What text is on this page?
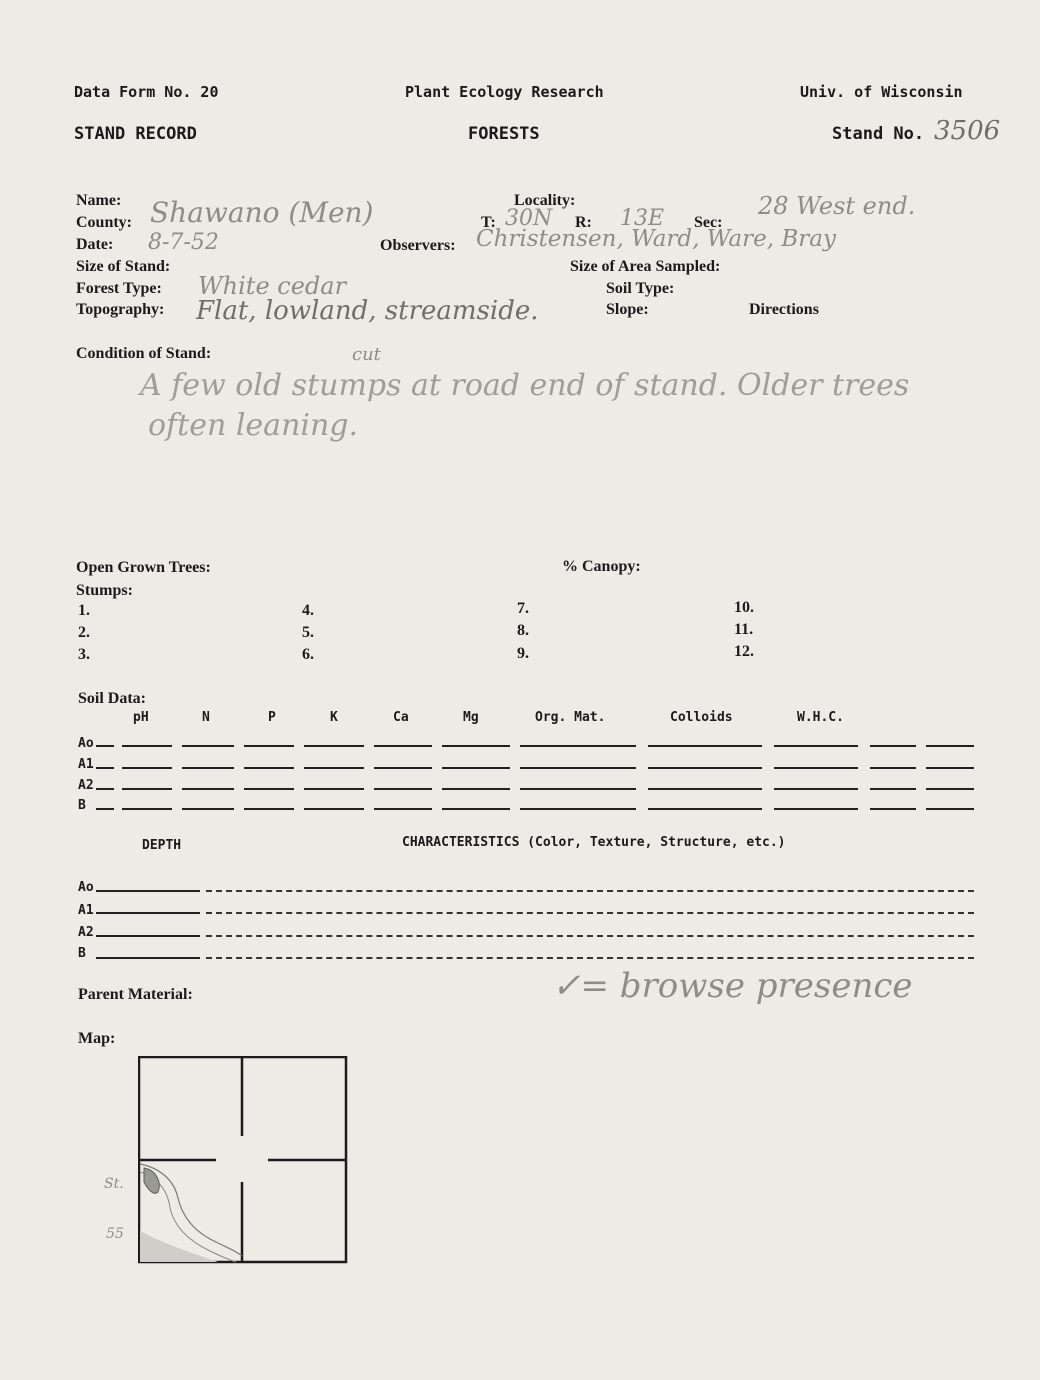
Data Form No. 20	Plant Ecology Research	Univ. of Wisconsin
STAND RECORD	FORESTS	Stand No. 3506
Name:	Locality:
County: Shawano (Men)	T: 30N R: 13E Sec:
28 West end.
Date: 8-7-52	Observers: Christensen, Ward, Ware, Bray
Size of Stand:	Size of Area Sampled:
Forest Type: White cedar	Soil Type:
Topography: Flat, lowland, streamside.	Slope:	Directions
Condition of Stand:	cut
A few old stumps at road end of stand. Older trees
often leaning.
Open Grown Trees:	% Canopy:
Stumps:
1.
2.
3.
4.
5.
6.
7.
8.
9.
10.
11.
12.
Soil Data:
pH	N	P	K	Ca	Mg	Org. Mat.	Colloids	W.H.C.
Ao
A1
A2
B
DEPTH	CHARACTERISTICS (Color, Texture, Structure, etc.)
Ao
A1
A2
B
✓= browse presence
Parent Material:
Map:
St.
55
